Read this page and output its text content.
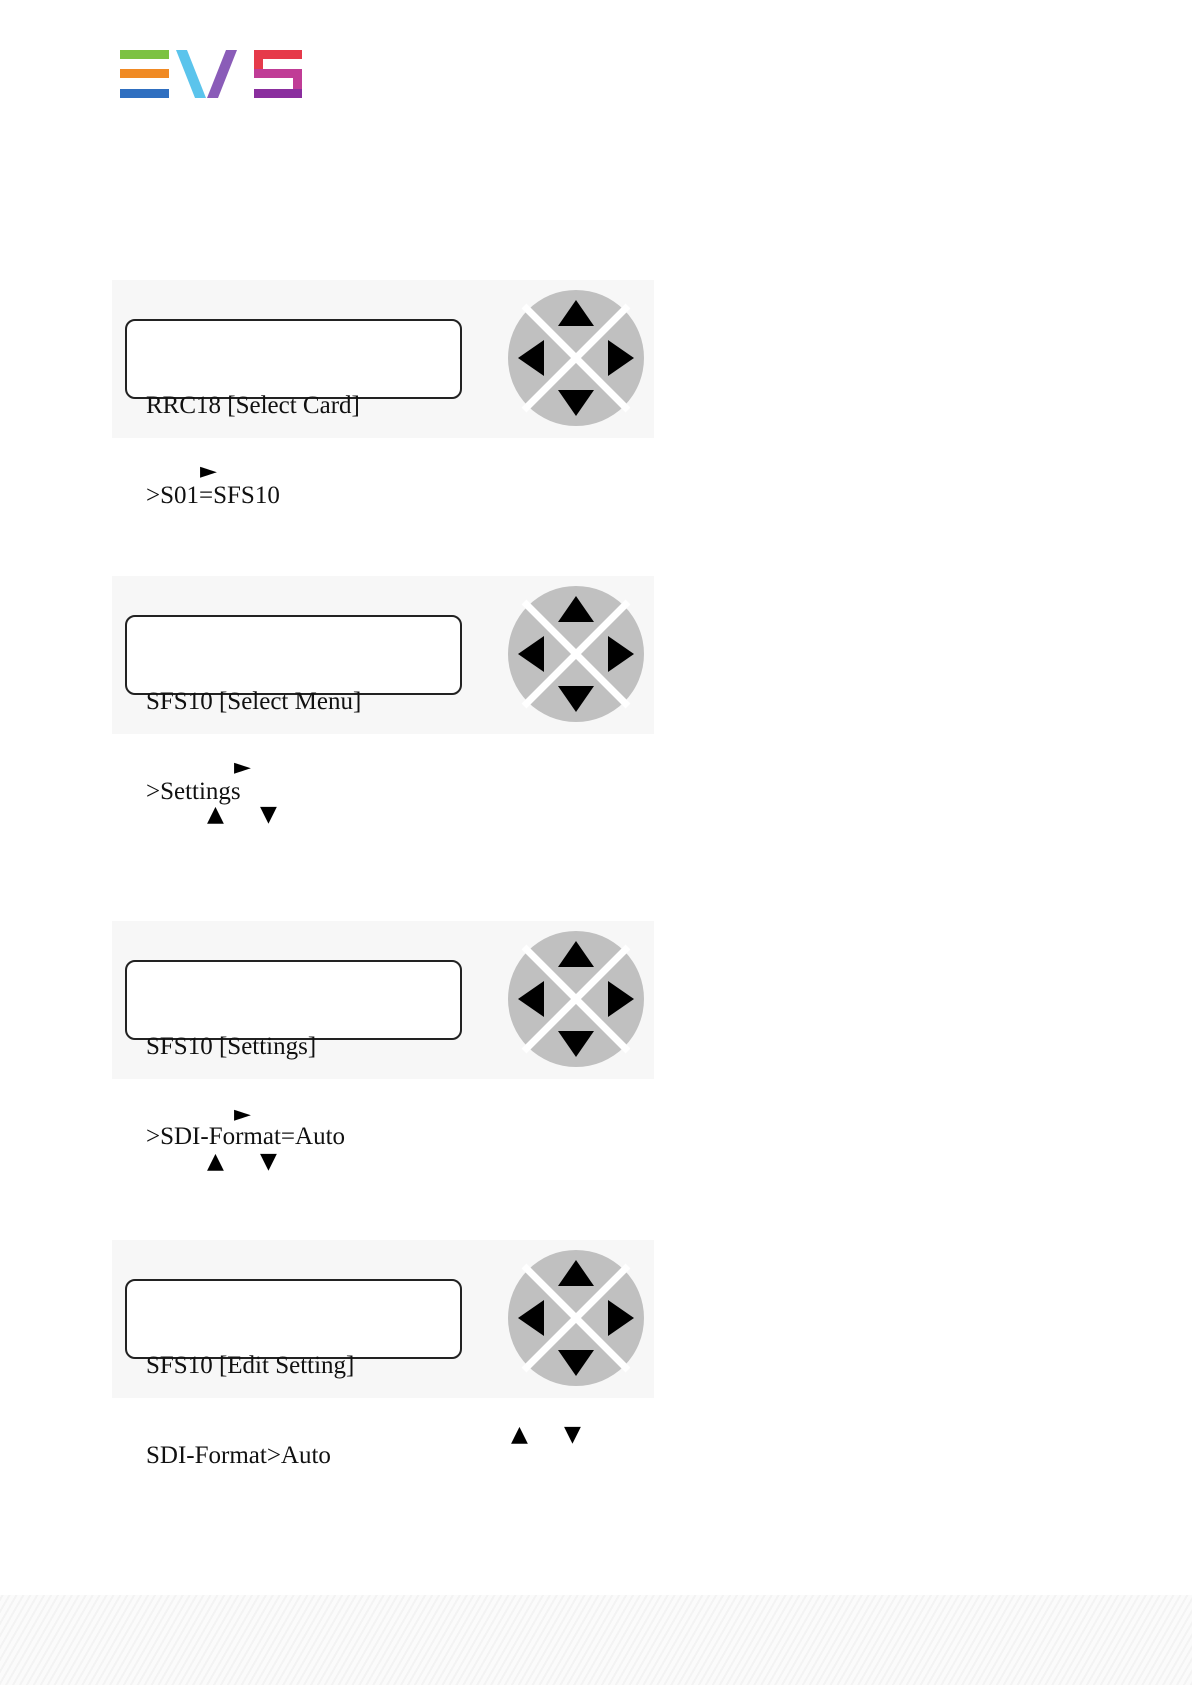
RRC18 [Select Card]

>S01=SFS10

►

SFS10 [Select Menu]

>Settings

►
▲ ▼

SFS10 [Settings]

>SDI-Format=Auto

►
▲ ▼

SFS10 [Edit Setting]

SDI-Format>Auto

▲ ▼
